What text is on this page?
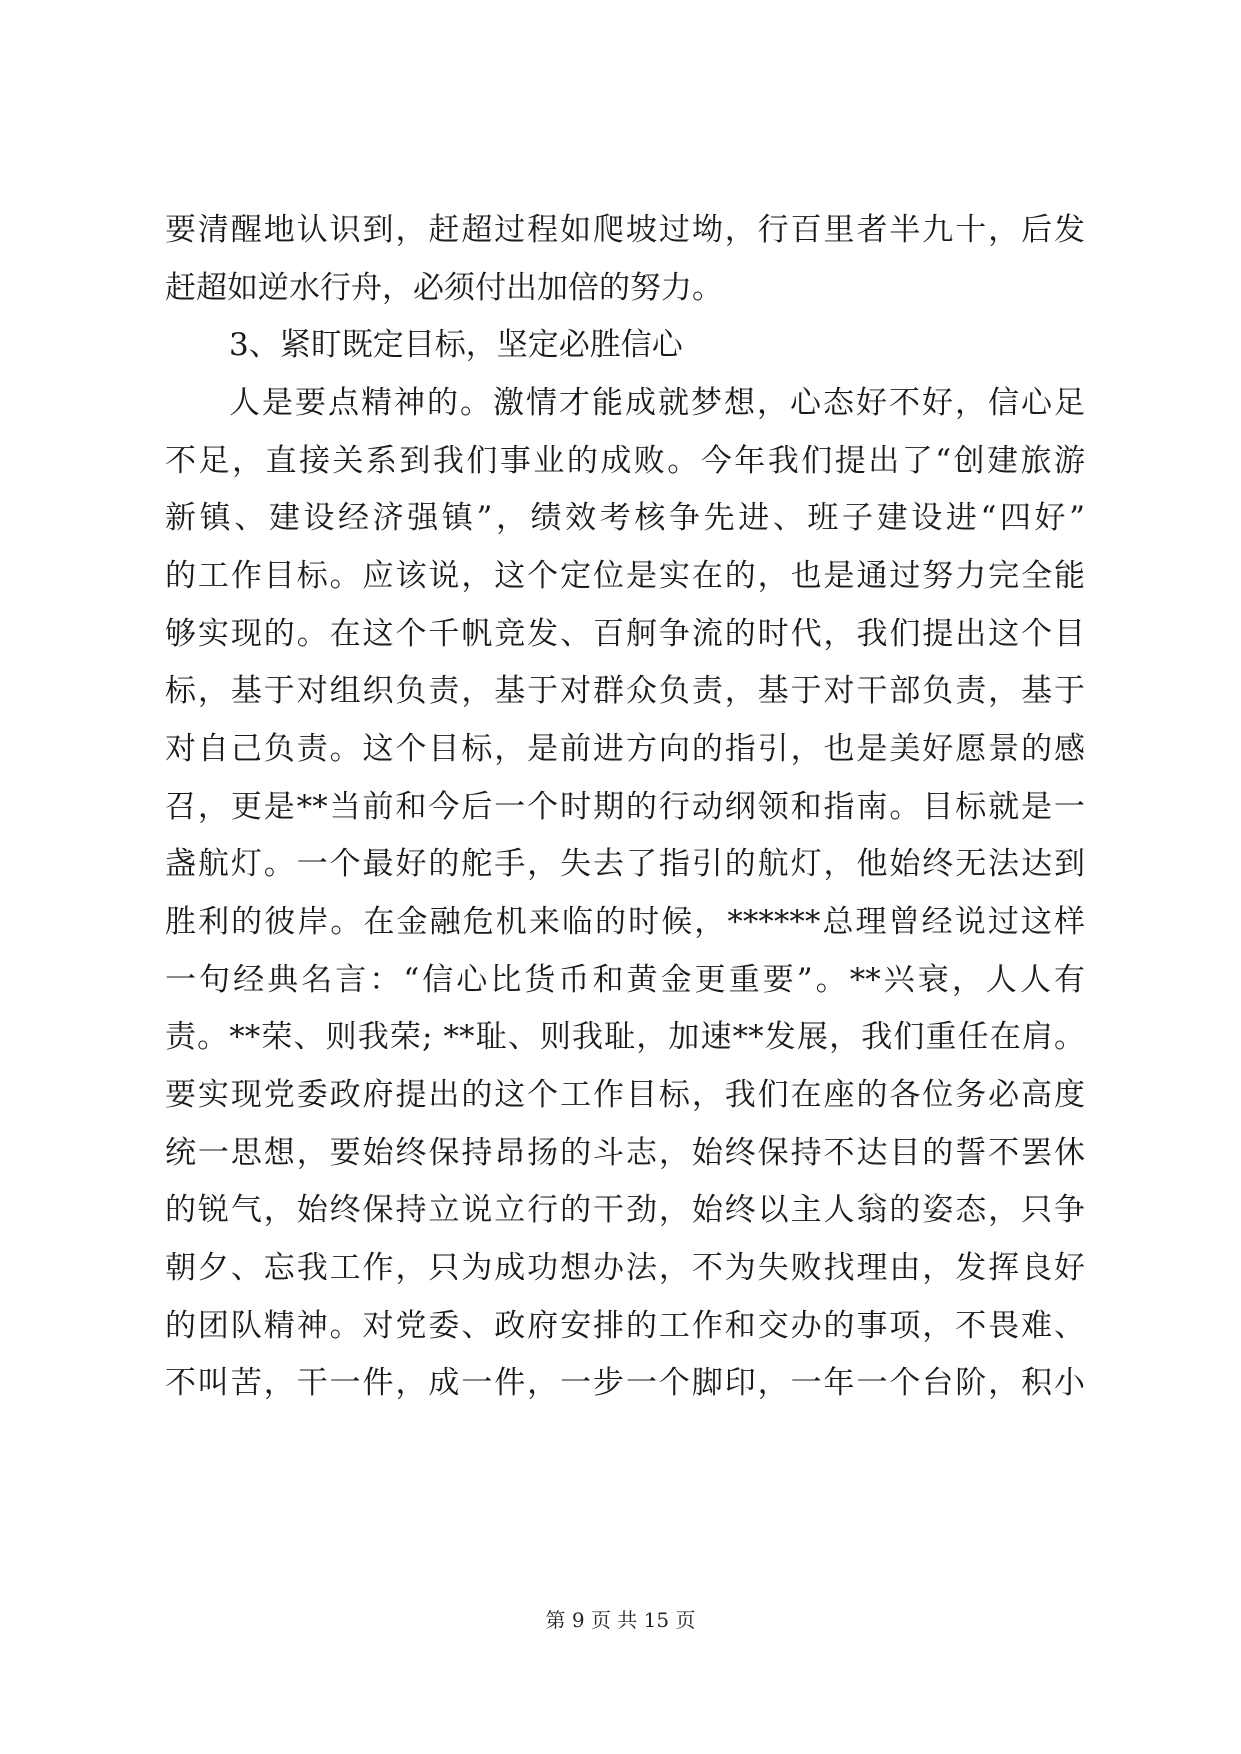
要清醒地认识到，赶超过程如爬坡过坳，行百里者半九十，后发
赶超如逆水行舟，必须付出加倍的努力。
3、紧盯既定目标，坚定必胜信心
人是要点精神的。激情才能成就梦想，心态好不好，信心足
不足，直接关系到我们事业的成败。今年我们提出了“创建旅游
新镇、建设经济强镇”，绩效考核争先进、班子建设进“四好”
的工作目标。应该说，这个定位是实在的，也是通过努力完全能
够实现的。在这个千帆竞发、百舸争流的时代，我们提出这个目
标，基于对组织负责，基于对群众负责，基于对干部负责，基于
对自己负责。这个目标，是前进方向的指引，也是美好愿景的感
召，更是**当前和今后一个时期的行动纲领和指南。目标就是一
盏航灯。一个最好的舵手，失去了指引的航灯，他始终无法达到
胜利的彼岸。在金融危机来临的时候，******总理曾经说过这样
一句经典名言：“信心比货币和黄金更重要”。**兴衰，人人有
责。**荣、则我荣; **耻、则我耻，加速**发展，我们重任在肩。
要实现党委政府提出的这个工作目标，我们在座的各位务必高度
统一思想，要始终保持昂扬的斗志，始终保持不达目的誓不罢休
的锐气，始终保持立说立行的干劲，始终以主人翁的姿态，只争
朝夕、忘我工作，只为成功想办法，不为失败找理由，发挥良好
的团队精神。对党委、政府安排的工作和交办的事项，不畏难、
不叫苦，干一件，成一件，一步一个脚印，一年一个台阶，积小
第 9 页 共 15 页
